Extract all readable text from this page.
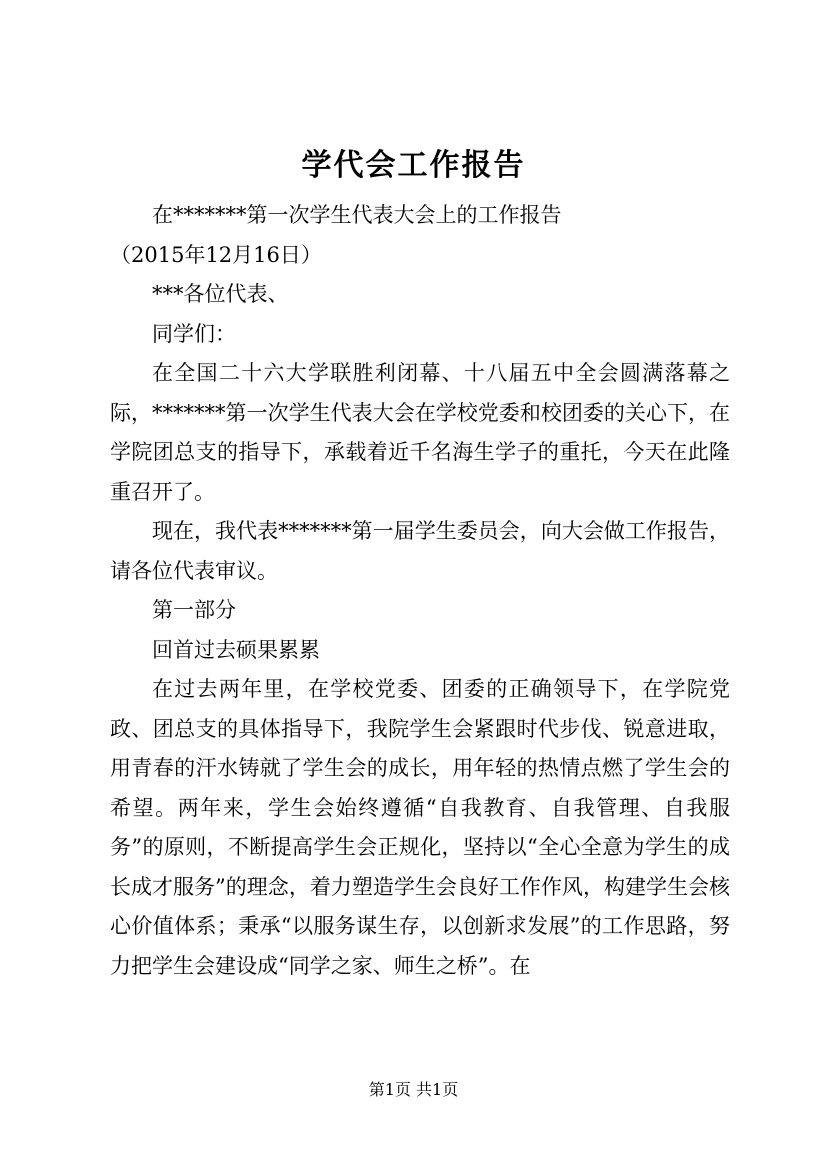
学代会工作报告

在*******第一次学生代表大会上的工作报告

（2015年12月16日）

***各位代表、

同学们：

在全国二十六大学联胜利闭幕、十八届五中全会圆满落幕之际，*******第一次学生代表大会在学校党委和校团委的关心下，在学院团总支的指导下，承载着近千名海生学子的重托，今天在此隆重召开了。

现在，我代表*******第一届学生委员会，向大会做工作报告，请各位代表审议。

第一部分

回首过去硕果累累

在过去两年里，在学校党委、团委的正确领导下，在学院党政、团总支的具体指导下，我院学生会紧跟时代步伐、锐意进取，用青春的汗水铸就了学生会的成长，用年轻的热情点燃了学生会的希望。两年来，学生会始终遵循“自我教育、自我管理、自我服务”的原则，不断提高学生会正规化，坚持以“全心全意为学生的成长成才服务”的理念，着力塑造学生会良好工作作风，构建学生会核心价值体系；秉承“以服务谋生存，以创新求发展”的工作思路，努力把学生会建设成“同学之家、师生之桥”。在

第1页 共1页
